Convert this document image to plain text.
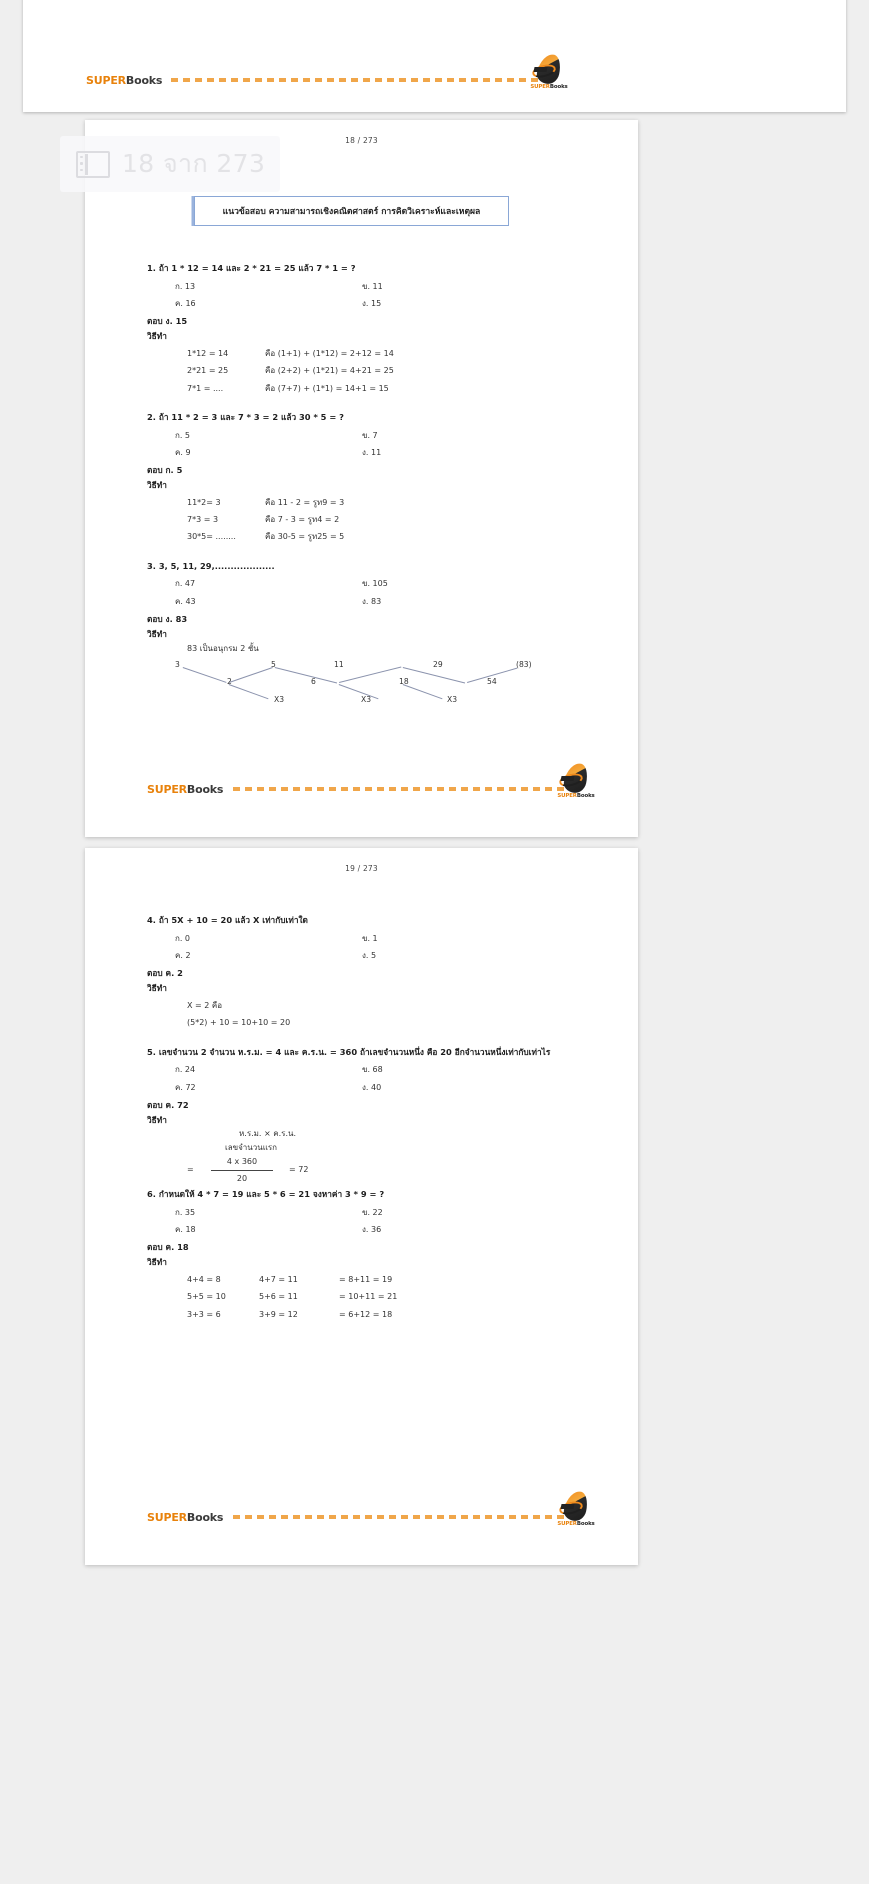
SUPERBooks	SUPERBooks
18 / 273
แนวข้อสอบ ความสามารถเชิงคณิตศาสตร์ การคิดวิเคราะห์และเหตุผล
1. ถ้า 1 * 12 = 14 และ 2 * 21 = 25 แล้ว 7 * 1 = ?
ก. 13	ข. 11
ค. 16	ง. 15
ตอบ ง. 15
วิธีทำ
1*12 = 14	คือ (1+1) + (1*12) = 2+12 = 14
2*21 = 25	คือ (2+2) + (1*21) = 4+21 = 25
7*1 = ....	คือ (7+7) + (1*1) = 14+1 = 15
2. ถ้า 11 * 2 = 3 และ 7 * 3 = 2 แล้ว 30 * 5 = ?
ก. 5	ข. 7
ค. 9	ง. 11
ตอบ ก. 5
วิธีทำ
11*2= 3	คือ 11 - 2 = รูท9 = 3
7*3 = 3	คือ 7 - 3 = รูท4 = 2
30*5= ........	คือ 30-5 = รูท25 = 5
3. 3, 5, 11, 29,...................
ก. 47	ข. 105
ค. 43	ง. 83
ตอบ ง. 83
วิธีทำ
83 เป็นอนุกรม 2 ชั้น
3	5	11	29	(83)
2	6	18	54
X3	X3	X3
SUPERBooks	SUPERBooks
19 / 273
4. ถ้า 5X + 10 = 20 แล้ว X เท่ากับเท่าใด
ก. 0	ข. 1
ค. 2	ง. 5
ตอบ ค. 2
วิธีทำ
X = 2 คือ
(5*2) + 10 = 10+10 = 20
5. เลขจำนวน 2 จำนวน ห.ร.ม. = 4 และ ค.ร.น. = 360 ถ้าเลขจำนวนหนึ่ง คือ 20 อีกจำนวนหนึ่งเท่ากับเท่าไร
ก. 24	ข. 68
ค. 72	ง. 40
ตอบ ค. 72
วิธีทำ
ห.ร.ม. × ค.ร.น.
เลขจำนวนแรก
=	$\frac{4 x 360}{20} = 72$
6. กำหนดให้ 4 * 7 = 19 และ 5 * 6 = 21 จงหาค่า 3 * 9 = ?
ก. 35	ข. 22
ค. 18	ง. 36
ตอบ ค. 18
วิธีทำ
4+4 = 8	4+7 = 11	= 8+11 = 19
5+5 = 10	5+6 = 11	= 10+11 = 21
3+3 = 6	3+9 = 12	= 6+12 = 18
SUPERBooks	SUPERBooks
18 จาก 273
